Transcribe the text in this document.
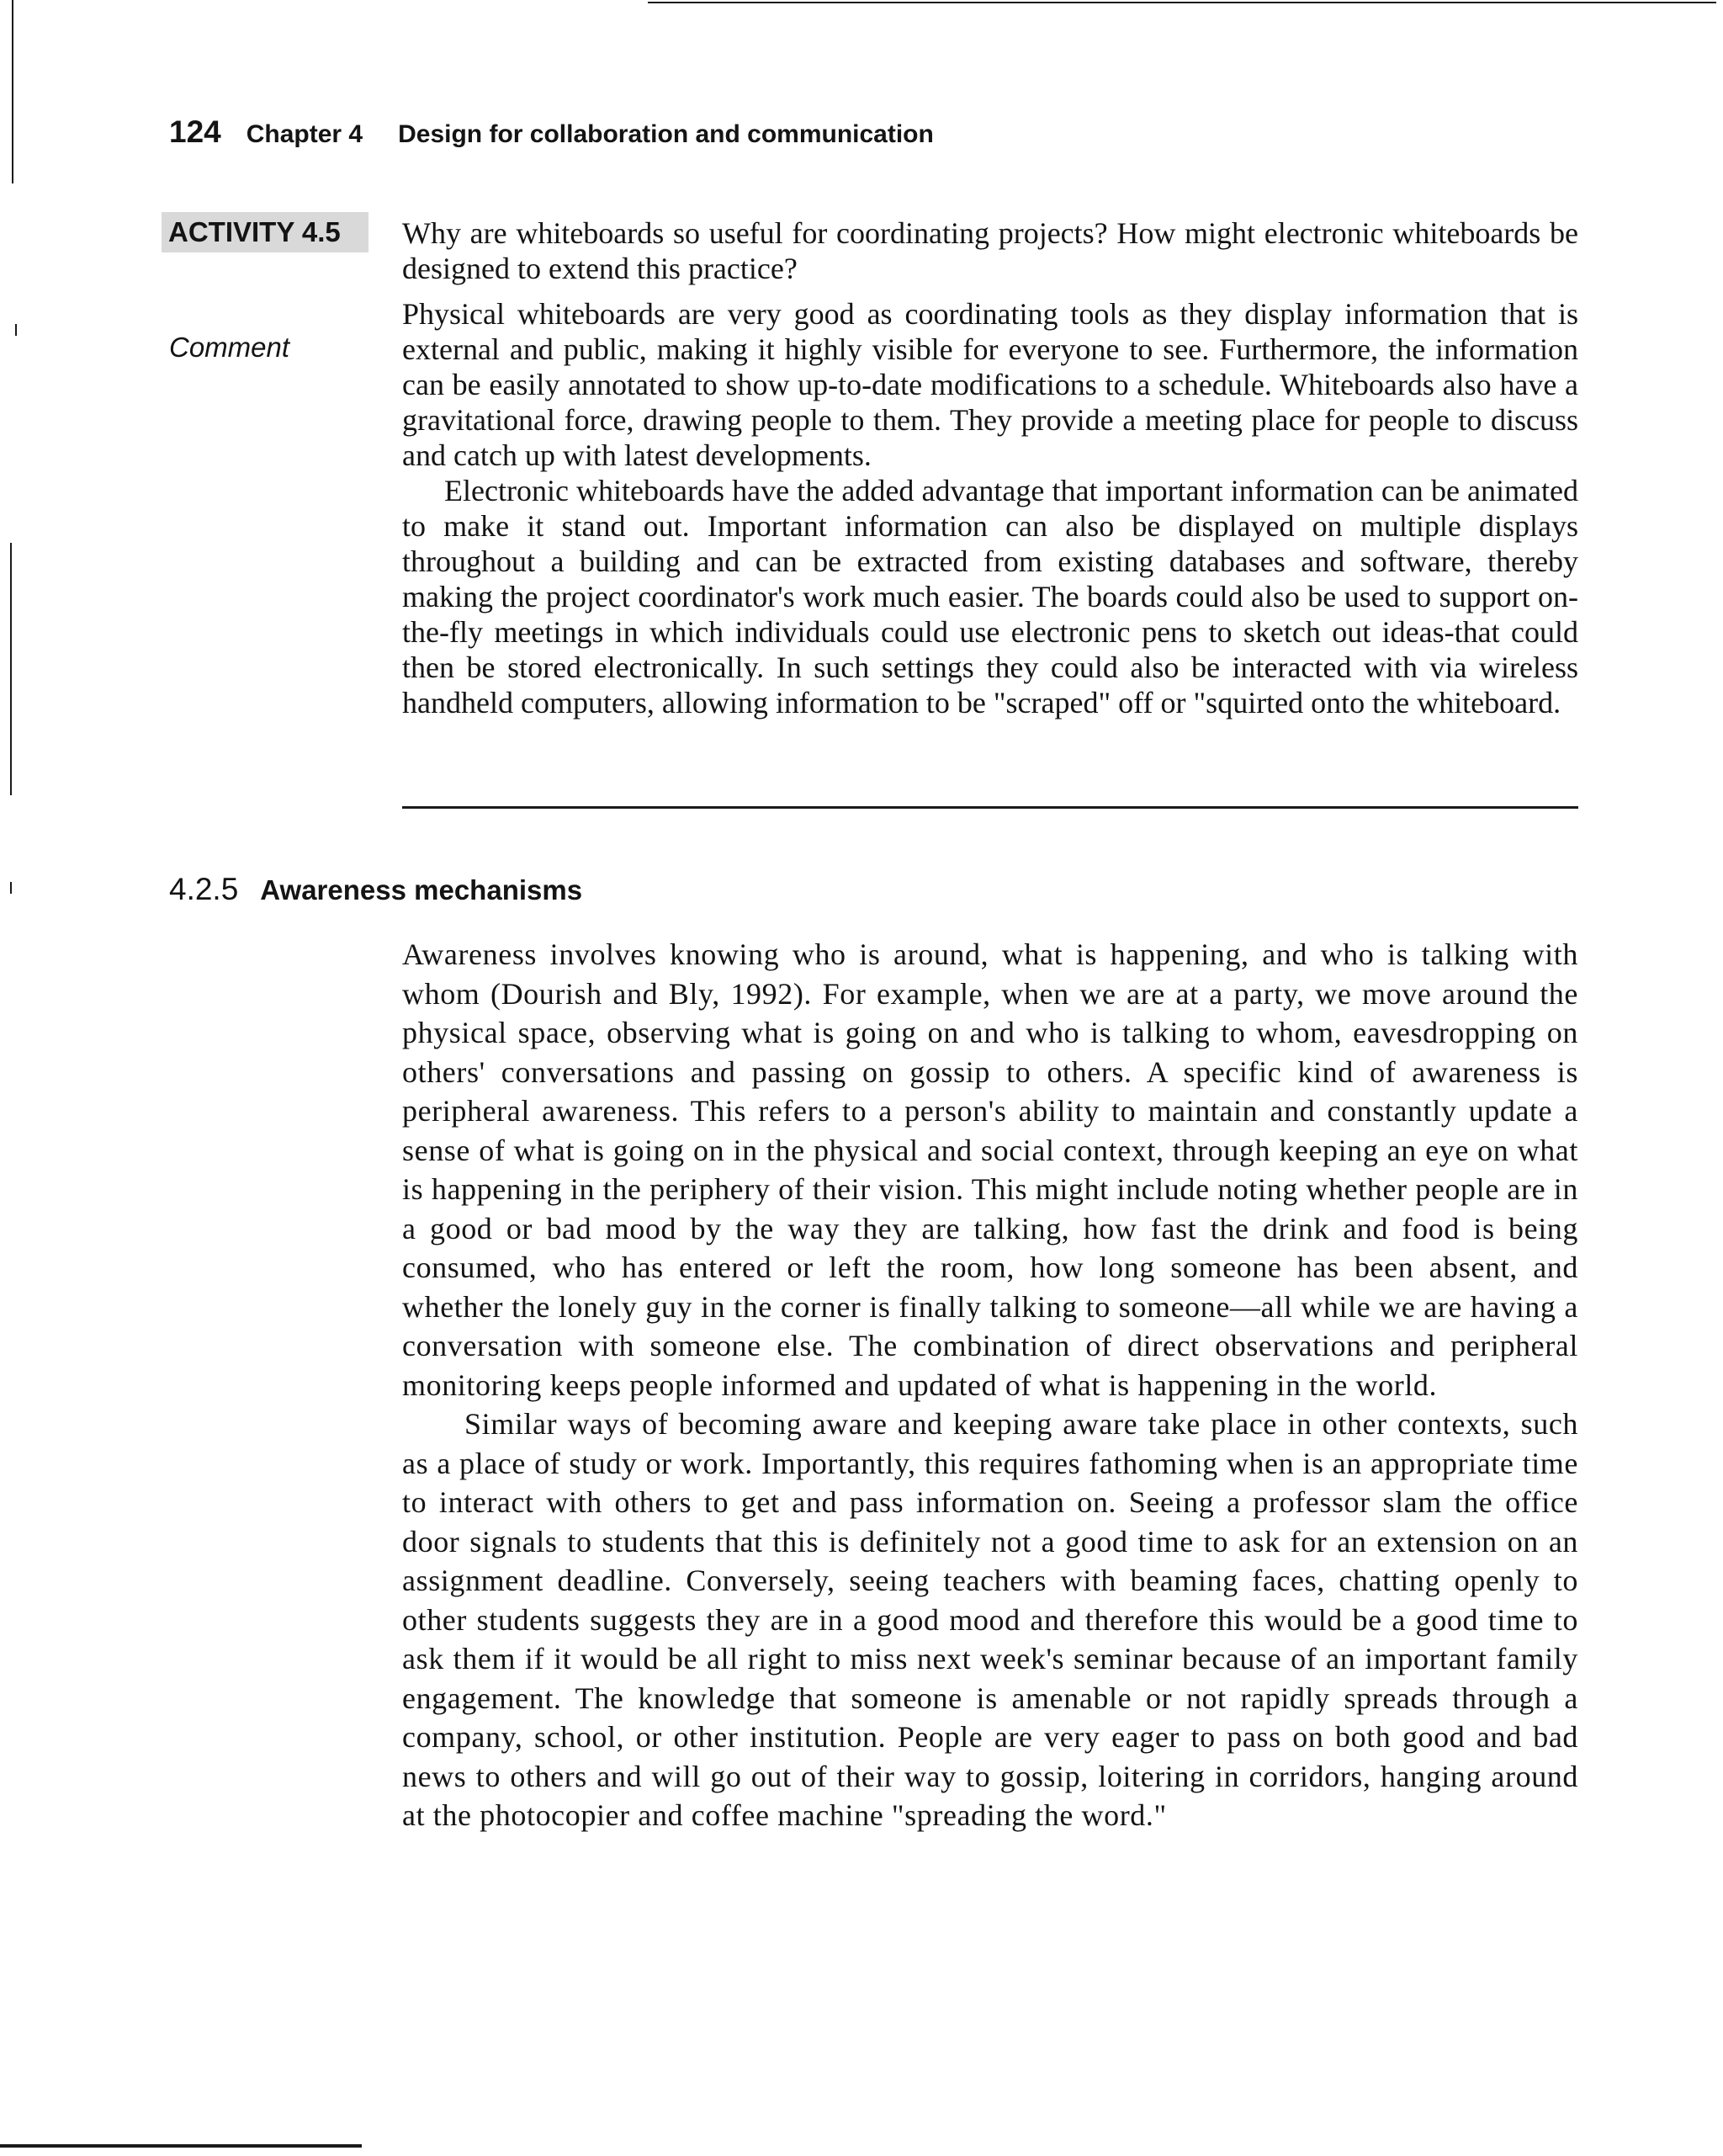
124 Chapter 4 Design for collaboration and communication
ACTIVITY 4.5	Why are whiteboards so useful for coordinating projects? How might electronic whiteboards be designed to extend this practice?

Comment

Physical whiteboards are very good as coordinating tools as they display information that is external and public, making it highly visible for everyone to see. Furthermore, the information can be easily annotated to show up-to-date modifications to a schedule. Whiteboards also have a gravitational force, drawing people to them. They provide a meeting place for people to discuss and catch up with latest developments.

Electronic whiteboards have the added advantage that important information can be animated to make it stand out. Important information can also be displayed on multiple displays throughout a building and can be extracted from existing databases and software, thereby making the project coordinator's work much easier. The boards could also be used to support on-the-fly meetings in which individuals could use electronic pens to sketch out ideas-that could then be stored electronically. In such settings they could also be interacted with via wireless handheld computers, allowing information to be "scraped" off or "squirted onto the whiteboard.

4.2.5 Awareness mechanisms

Awareness involves knowing who is around, what is happening, and who is talking with whom (Dourish and Bly, 1992). For example, when we are at a party, we move around the physical space, observing what is going on and who is talking to whom, eavesdropping on others' conversations and passing on gossip to others. A specific kind of awareness is peripheral awareness. This refers to a person's ability to maintain and constantly update a sense of what is going on in the physical and social context, through keeping an eye on what is happening in the periphery of their vision. This might include noting whether people are in a good or bad mood by the way they are talking, how fast the drink and food is being consumed, who has entered or left the room, how long someone has been absent, and whether the lonely guy in the corner is finally talking to someone—all while we are having a conversation with someone else. The combination of direct observations and peripheral monitoring keeps people informed and updated of what is happening in the world.

Similar ways of becoming aware and keeping aware take place in other contexts, such as a place of study or work. Importantly, this requires fathoming when is an appropriate time to interact with others to get and pass information on. Seeing a professor slam the office door signals to students that this is definitely not a good time to ask for an extension on an assignment deadline. Conversely, seeing teachers with beaming faces, chatting openly to other students suggests they are in a good mood and therefore this would be a good time to ask them if it would be all right to miss next week's seminar because of an important family engagement. The knowledge that someone is amenable or not rapidly spreads through a company, school, or other institution. People are very eager to pass on both good and bad news to others and will go out of their way to gossip, loitering in corridors, hanging around at the photocopier and coffee machine "spreading the word."
